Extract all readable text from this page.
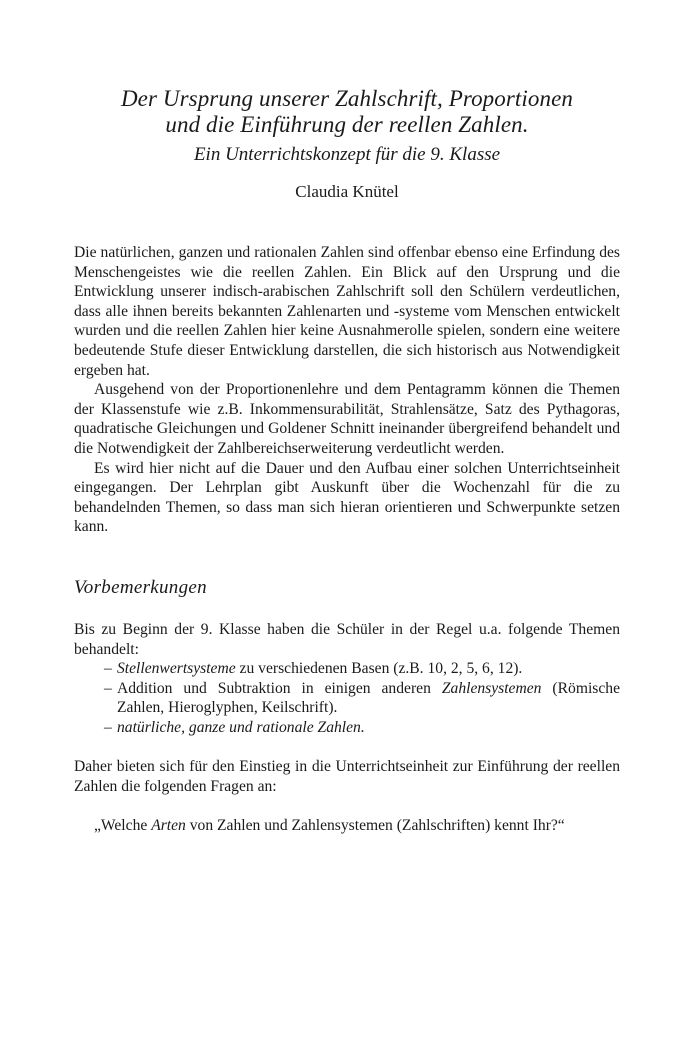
Der Ursprung unserer Zahlschrift, Proportionen
und die Einführung der reellen Zahlen.
Ein Unterrichtskonzept für die 9. Klasse
Claudia Knütel

Die natürlichen, ganzen und rationalen Zahlen sind offenbar ebenso eine Erfindung des Menschengeistes wie die reellen Zahlen. Ein Blick auf den Ursprung und die Entwicklung unserer indisch-arabischen Zahlschrift soll den Schülern verdeutlichen, dass alle ihnen bereits bekannten Zahlenarten und -systeme vom Menschen entwickelt wurden und die reellen Zahlen hier keine Ausnahmerolle spielen, sondern eine weitere bedeutende Stufe dieser Entwicklung darstellen, die sich historisch aus Notwendigkeit ergeben hat.

Ausgehend von der Proportionenlehre und dem Pentagramm können die Themen der Klassenstufe wie z.B. Inkommensurabilität, Strahlensätze, Satz des Pythagoras, quadratische Gleichungen und Goldener Schnitt ineinander übergreifend behandelt und die Notwendigkeit der Zahlbereichserweiterung verdeutlicht werden.

Es wird hier nicht auf die Dauer und den Aufbau einer solchen Unterrichtseinheit eingegangen. Der Lehrplan gibt Auskunft über die Wochenzahl für die zu behandelnden Themen, so dass man sich hieran orientieren und Schwerpunkte setzen kann.

Vorbemerkungen

Bis zu Beginn der 9. Klasse haben die Schüler in der Regel u.a. folgende Themen behandelt:

– Stellenwertsysteme zu verschiedenen Basen (z.B. 10, 2, 5, 6, 12).
– Addition und Subtraktion in einigen anderen Zahlensystemen (Römische Zahlen, Hieroglyphen, Keilschrift).
– natürliche, ganze und rationale Zahlen.

Daher bieten sich für den Einstieg in die Unterrichtseinheit zur Einführung der reellen Zahlen die folgenden Fragen an:

„Welche Arten von Zahlen und Zahlensystemen (Zahlschriften) kennt Ihr?“
